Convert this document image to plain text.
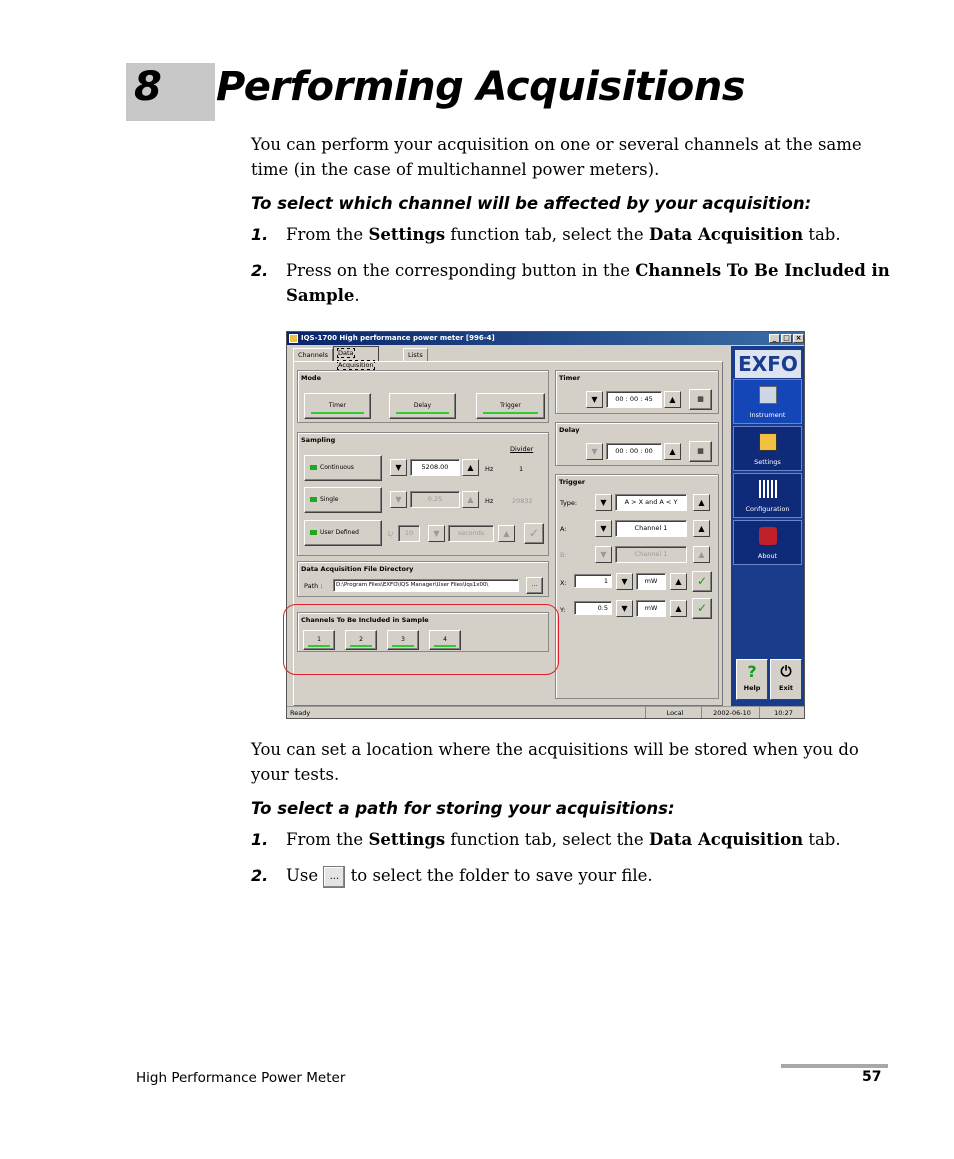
8 Performing Acquisitions
You can perform your acquisition on one or several channels at the same time (in the case of multichannel power meters).
To select which channel will be affected by your acquisition:
1. From the Settings function tab, select the Data Acquisition tab.
2. Press on the corresponding button in the Channels To Be Included in Sample.
IQS-1700 High performance power meter [996-4]	_ □ ×
Channels	Data Acquisition
Lists
Mode
Timer	Delay	Trigger
Sampling
Divider
Continuous	▼	5208.00	▲	Hz	1
Single	▼	0.25	▲	Hz	20832
User Defined	1/	10	▼	seconds	▲	✓
Data Acquisition File Directory
Path :	D:\Program Files\EXFO\IQS Manager\User Files\Iqs1x00\	...
Channels To Be Included in Sample
1	2	3	4
Timer
▼	00 : 00 : 45	▲	▦
Delay
▼	00 : 00 : 00	▲	▦
Trigger
Type:	▼	A > X and A < Y	▲
A:	▼	Channel 1	▲
B:	▼	Channel 1	▲
X:	1	▼	mW	▲	✓
Y:	0.5	▼	mW	▲	✓
EXFO
Instrument
Settings
Configuration
About
?
Help
⏻
Exit
Ready	Local	2002-06-10	10:27
You can set a location where the acquisitions will be stored when you do your tests.
To select a path for storing your acquisitions:
1. From the Settings function tab, select the Data Acquisition tab.
2. Use ... to select the folder to save your file.
High Performance Power Meter	57
